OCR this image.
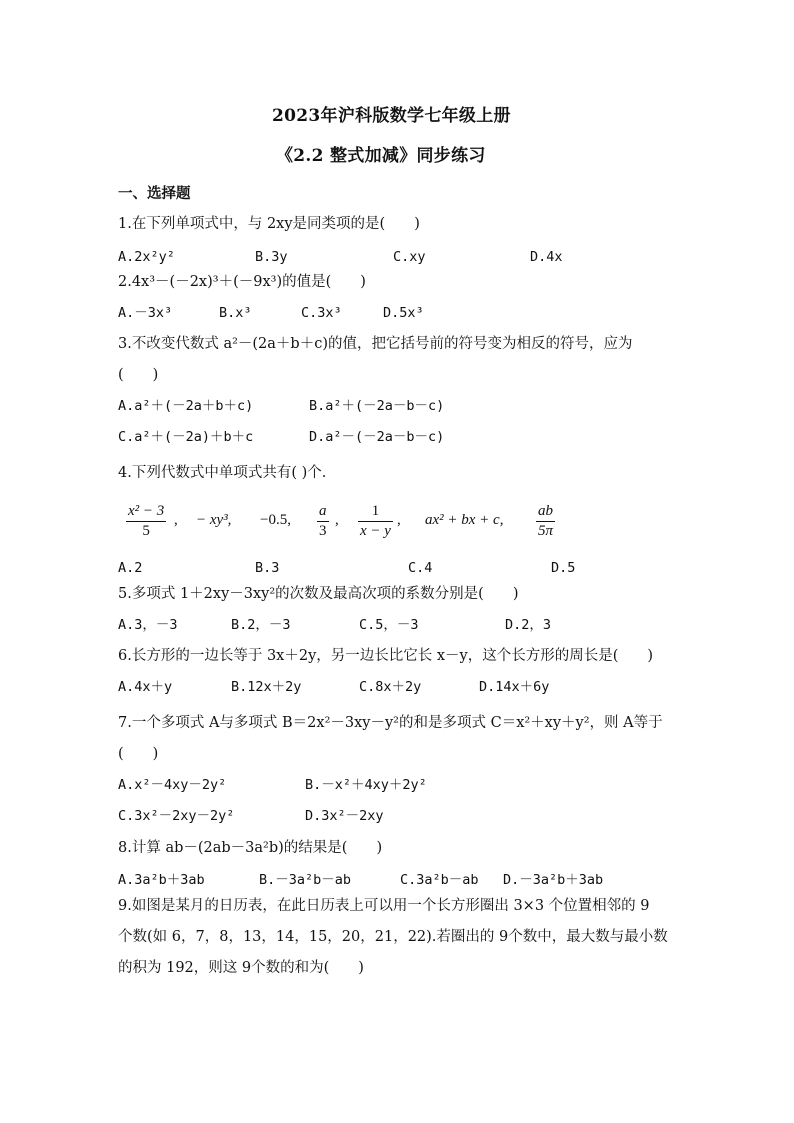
2023年沪科版数学七年级上册
《2.2 整式加减》同步练习
一、选择题
1.在下列单项式中，与 2xy是同类项的是(　　)
A.2x²y²	B.3y	C.xy	D.4x
2.4x³－(－2x)³＋(－9x³)的值是(　　)
A.－3x³	B.x³	C.3x³	D.5x³
3.不改变代数式 a²－(2a＋b＋c)的值，把它括号前的符号变为相反的符号，应为
(　　)
A.a²＋(－2a＋b＋c)	B.a²＋(－2a－b－c)
C.a²＋(－2a)＋b＋c	D.a²－(－2a－b－c)
4.下列代数式中单项式共有( )个.
x² − 3
5
, − xy³, −0.5,
a
3
,
1
x − y
, ax² + bx + c,
ab
5π
A.2	B.3	C.4	D.5
5.多项式 1＋2xy－3xy²的次数及最高次项的系数分别是(　　)
A.3，－3	B.2，－3	C.5，－3	D.2，3
6.长方形的一边长等于 3x＋2y，另一边长比它长 x－y，这个长方形的周长是(　　)
A.4x＋y	B.12x＋2y	C.8x＋2y	D.14x＋6y
7.一个多项式 A与多项式 B＝2x²－3xy－y²的和是多项式 C＝x²＋xy＋y²，则 A等于
(　　)
A.x²－4xy－2y²	B.－x²＋4xy＋2y²
C.3x²－2xy－2y²	D.3x²－2xy
8.计算 ab－(2ab－3a²b)的结果是(　　)
A.3a²b＋3ab	B.－3a²b－ab	C.3a²b－ab D.－3a²b＋3ab
9.如图是某月的日历表，在此日历表上可以用一个长方形圈出 3×3 个位置相邻的 9
个数(如 6，7，8，13，14，15，20，21，22).若圈出的 9个数中，最大数与最小数
的积为 192，则这 9个数的和为(　　)
